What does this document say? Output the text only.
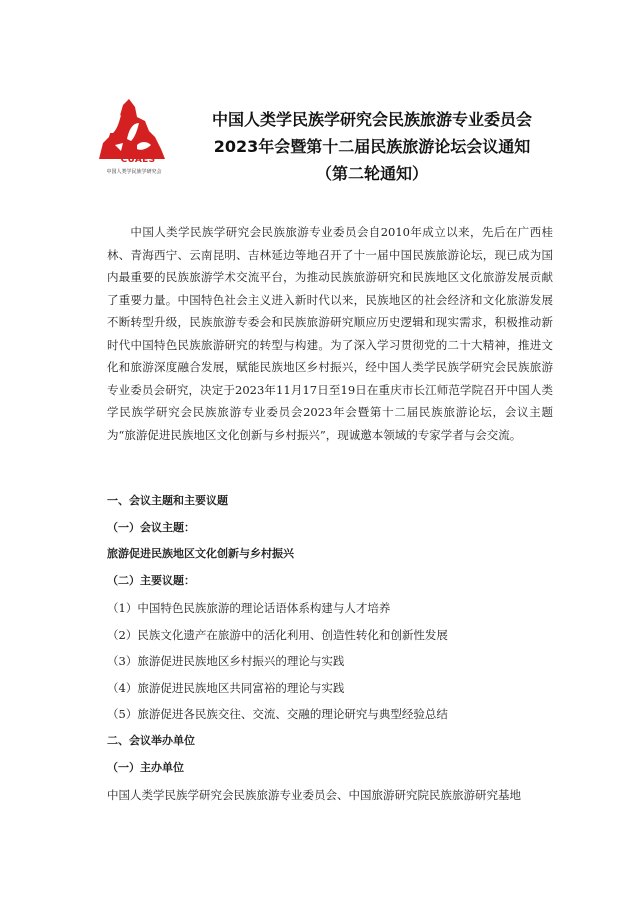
CUAES
中国人类学民族学研究会
中国人类学民族学研究会民族旅游专业委员会
2023年会暨第十二届民族旅游论坛会议通知
（第二轮通知）

中国人类学民族学研究会民族旅游专业委员会自2010年成立以来，先后在广西桂林、青海西宁、云南昆明、吉林延边等地召开了十一届中国民族旅游论坛，现已成为国内最重要的民族旅游学术交流平台，为推动民族旅游研究和民族地区文化旅游发展贡献了重要力量。中国特色社会主义进入新时代以来，民族地区的社会经济和文化旅游发展不断转型升级，民族旅游专委会和民族旅游研究顺应历史逻辑和现实需求，积极推动新时代中国特色民族旅游研究的转型与构建。为了深入学习贯彻党的二十大精神，推进文化和旅游深度融合发展，赋能民族地区乡村振兴，经中国人类学民族学研究会民族旅游专业委员会研究，决定于2023年11月17日至19日在重庆市长江师范学院召开中国人类学民族学研究会民族旅游专业委员会2023年会暨第十二届民族旅游论坛，会议主题为“旅游促进民族地区文化创新与乡村振兴”，现诚邀本领域的专家学者与会交流。

一、会议主题和主要议题
（一）会议主题：
旅游促进民族地区文化创新与乡村振兴
（二）主要议题：
（1）中国特色民族旅游的理论话语体系构建与人才培养
（2）民族文化遗产在旅游中的活化利用、创造性转化和创新性发展
（3）旅游促进民族地区乡村振兴的理论与实践
（4）旅游促进民族地区共同富裕的理论与实践
（5）旅游促进各民族交往、交流、交融的理论研究与典型经验总结
二、会议举办单位
（一）主办单位
中国人类学民族学研究会民族旅游专业委员会、中国旅游研究院民族旅游研究基地
